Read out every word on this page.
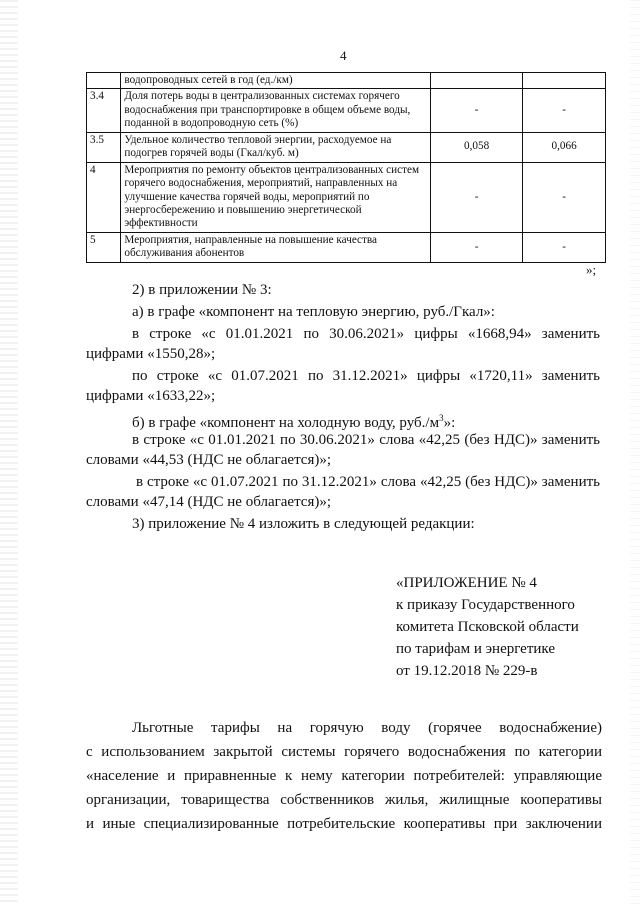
4
	водопроводных сетей в год (ед./км)		
3.4	Доля потерь воды в централизованных системах горячего водоснабжения при транспортировке в общем объеме воды, поданной в водопроводную сеть (%)	-	-
3.5	Удельное количество тепловой энергии, расходуемое на подогрев горячей воды (Гкал/куб. м)	0,058	0,066
4	Мероприятия по ремонту объектов централизованных систем горячего водоснабжения, мероприятий, направленных на улучшение качества горячей воды, мероприятий по энергосбережению и повышению энергетической эффективности	-	-
5	Мероприятия, направленные на повышение качества обслуживания абонентов	-	-
»;
2) в приложении № 3:
а) в графе «компонент на тепловую энергию, руб./Гкал»:
в строке «с 01.01.2021 по 30.06.2021» цифры «1668,94» заменить
цифрами «1550,28»;
по строке «с 01.07.2021 по 31.12.2021» цифры «1720,11» заменить
цифрами «1633,22»;
б) в графе «компонент на холодную воду, $руб./м^3$»:
в строке «с 01.01.2021 по 30.06.2021» слова «42,25 (без НДС)» заменить
словами «44,53 (НДС не облагается)»;
в строке «с 01.07.2021 по 31.12.2021» слова «42,25 (без НДС)» заменить
словами «47,14 (НДС не облагается)»;
3) приложение № 4 изложить в следующей редакции:
«ПРИЛОЖЕНИЕ № 4
к приказу Государственного
комитета Псковской области
по тарифам и энергетике
от 19.12.2018 № 229-в
Льготные тарифы на горячую воду (горячее водоснабжение)
с использованием закрытой системы горячего водоснабжения по категории
«население и приравненные к нему категории потребителей: управляющие
организации, товарищества собственников жилья, жилищные кооперативы
и иные специализированные потребительские кооперативы при заключении
